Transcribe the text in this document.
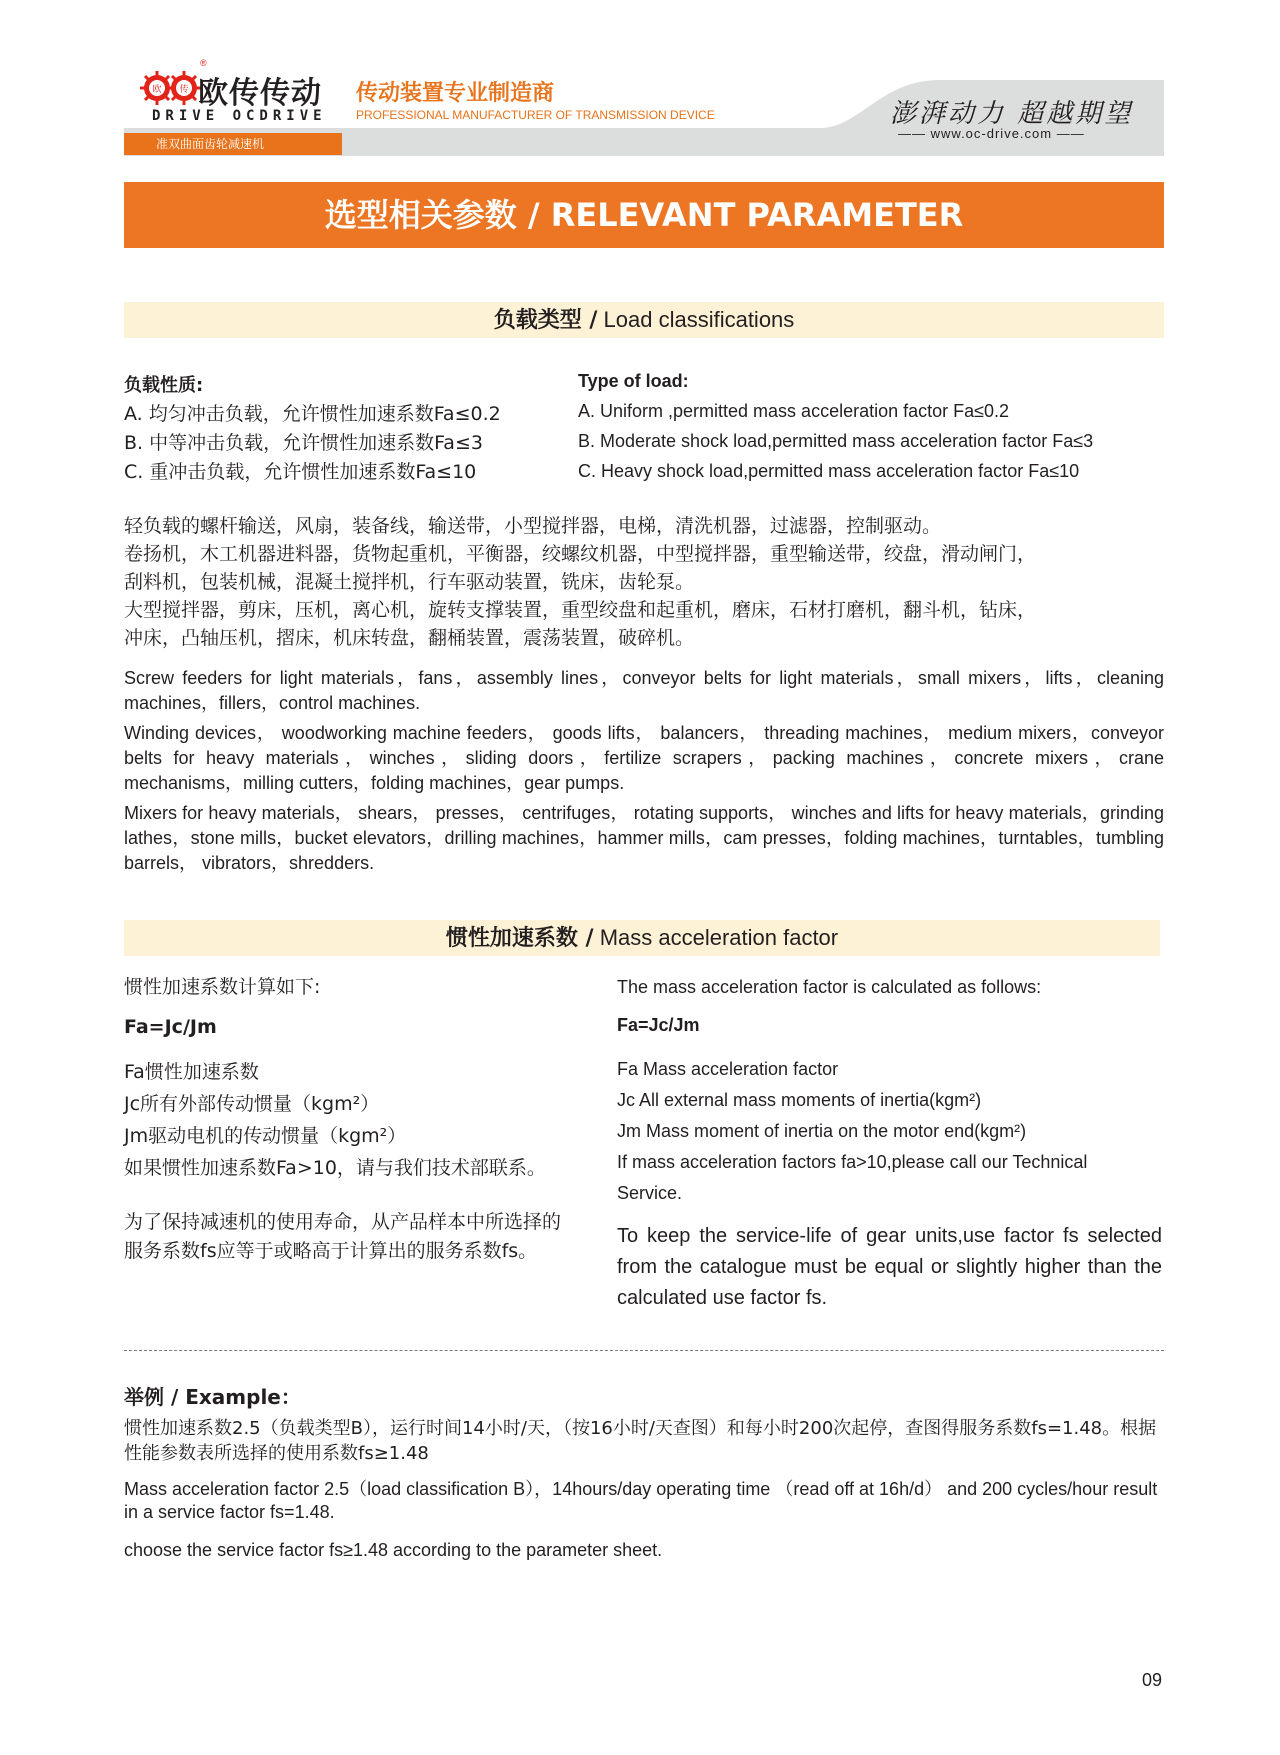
欧 传
®
欧传传动
DRIVE OCDRIVE
传动装置专业制造商
PROFESSIONAL MANUFACTURER OF TRANSMISSION DEVICE	澎湃动力 超越期望
—— www.oc-drive.com ——
准双曲面齿轮减速机
选型相关参数 / RELEVANT PARAMETER
负载类型 / Load classifications
负载性质:
A. 均匀冲击负载，允许惯性加速系数Fa≤0.2
B. 中等冲击负载，允许惯性加速系数Fa≤3
C. 重冲击负载，允许惯性加速系数Fa≤10
Type of load:
A. Uniform ,permitted mass acceleration factor Fa≤0.2
B. Moderate shock load,permitted mass acceleration factor Fa≤3
C. Heavy shock load,permitted mass acceleration factor Fa≤10
轻负载的螺杆输送，风扇，装备线，输送带，小型搅拌器，电梯，清洗机器，过滤器，控制驱动。
卷扬机，木工机器进料器，货物起重机，平衡器，绞螺纹机器，中型搅拌器，重型输送带，绞盘，滑动闸门，
刮料机，包装机械，混凝土搅拌机，行车驱动装置，铣床，齿轮泵。
大型搅拌器，剪床，压机，离心机，旋转支撑装置，重型绞盘和起重机，磨床，石材打磨机，翻斗机，钻床，
冲床，凸轴压机，摺床，机床转盘，翻桶装置，震荡装置，破碎机。
Screw feeders for light materials，fans，assembly lines，conveyor belts for light materials，small mixers，lifts，cleaning machines，fillers，control machines.
Winding devices， woodworking machine feeders， goods lifts， balancers， threading machines， medium mixers，conveyor belts for heavy materials，winches，sliding doors，fertilize scrapers，packing machines，concrete mixers，crane mechanisms，milling cutters，folding machines，gear pumps.
Mixers for heavy materials， shears， presses， centrifuges， rotating supports， winches and lifts for heavy materials，grinding lathes，stone mills，bucket elevators，drilling machines，hammer mills，cam presses，folding machines，turntables，tumbling barrels， vibrators，shredders.
惯性加速系数 / Mass acceleration factor
惯性加速系数计算如下:
Fa=Jc/Jm
Fa惯性加速系数
Jc所有外部传动惯量（kgm²）
Jm驱动电机的传动惯量（kgm²）
如果惯性加速系数Fa>10，请与我们技术部联系。
为了保持减速机的使用寿命，从产品样本中所选择的服务系数fs应等于或略高于计算出的服务系数fs。
The mass acceleration factor is calculated as follows:
Fa=Jc/Jm
Fa Mass acceleration factor
Jc All external mass moments of inertia(kgm²)
Jm Mass moment of inertia on the motor end(kgm²)
If mass acceleration factors fa>10,please call our Technical Service.
To keep the service-life of gear units,use factor fs selected from the catalogue must be equal or slightly higher than the calculated use factor fs.
举例 / Example：
惯性加速系数2.5（负载类型B），运行时间14小时/天，（按16小时/天查图）和每小时200次起停，查图得服务系数fs=1.48。根据性能参数表所选择的使用系数fs≥1.48
Mass acceleration factor 2.5（load classification B），14hours/day operating time （read off at 16h/d） and 200 cycles/hour result in a service factor fs=1.48.
choose the service factor fs≥1.48 according to the parameter sheet.
09
